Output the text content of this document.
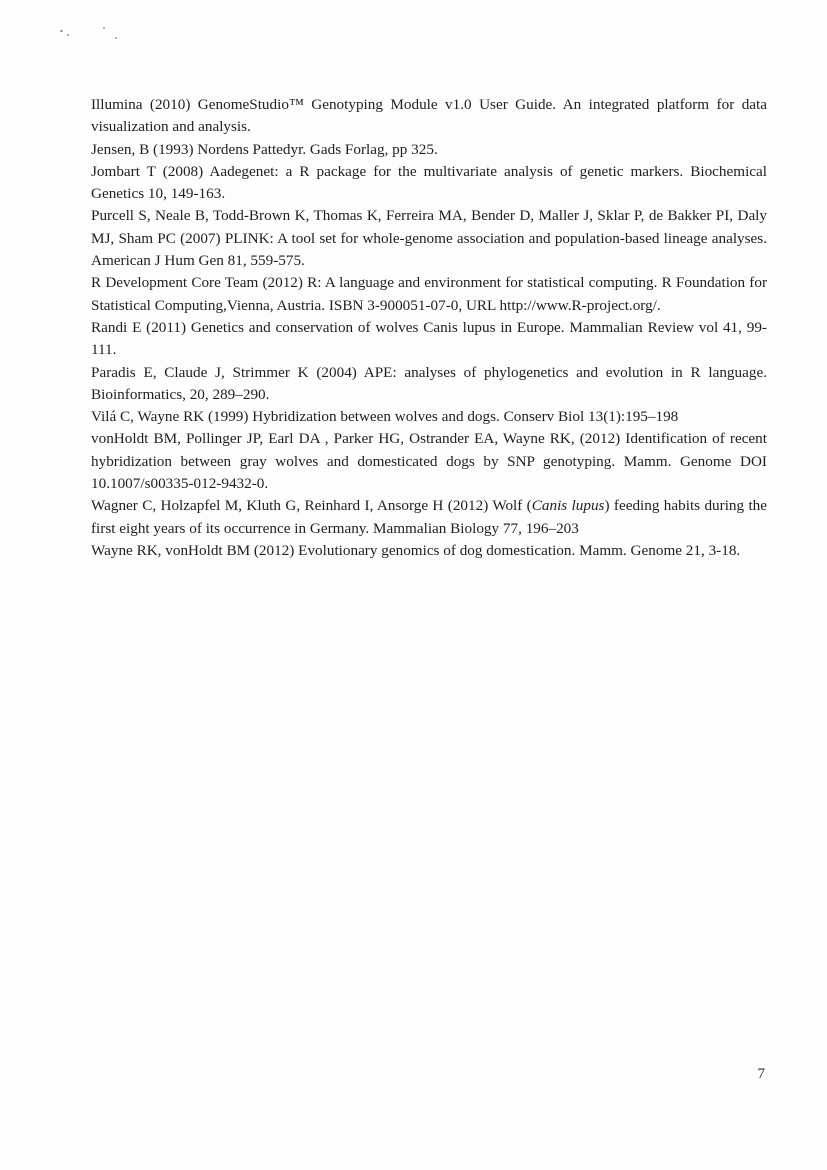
Illumina (2010) GenomeStudio™ Genotyping Module v1.0 User Guide. An integrated platform for data visualization and analysis.

Jensen, B (1993) Nordens Pattedyr. Gads Forlag, pp 325.

Jombart T (2008) Aadegenet: a R package for the multivariate analysis of genetic markers. Biochemical Genetics 10, 149-163.

Purcell S, Neale B, Todd-Brown K, Thomas K, Ferreira MA, Bender D, Maller J, Sklar P, de Bakker PI, Daly MJ, Sham PC (2007) PLINK: A tool set for whole-genome association and population-based lineage analyses. American J Hum Gen 81, 559-575.

R Development Core Team (2012) R: A language and environment for statistical computing. R Foundation for Statistical Computing,Vienna, Austria. ISBN 3-900051-07-0, URL http://www.R-project.org/.

Randi E (2011) Genetics and conservation of wolves Canis lupus in Europe. Mammalian Review vol 41, 99-111.

Paradis E, Claude J, Strimmer K (2004) APE: analyses of phylogenetics and evolution in R language. Bioinformatics, 20, 289–290.

Vilá C, Wayne RK (1999) Hybridization between wolves and dogs. Conserv Biol 13(1):195–198

vonHoldt BM, Pollinger JP, Earl DA , Parker HG, Ostrander EA, Wayne RK, (2012) Identification of recent hybridization between gray wolves and domesticated dogs by SNP genotyping. Mamm. Genome DOI 10.1007/s00335-012-9432-0.

Wagner C, Holzapfel M, Kluth G, Reinhard I, Ansorge H (2012) Wolf (Canis lupus) feeding habits during the first eight years of its occurrence in Germany. Mammalian Biology 77, 196–203

Wayne RK, vonHoldt BM (2012) Evolutionary genomics of dog domestication. Mamm. Genome 21, 3-18.

7
